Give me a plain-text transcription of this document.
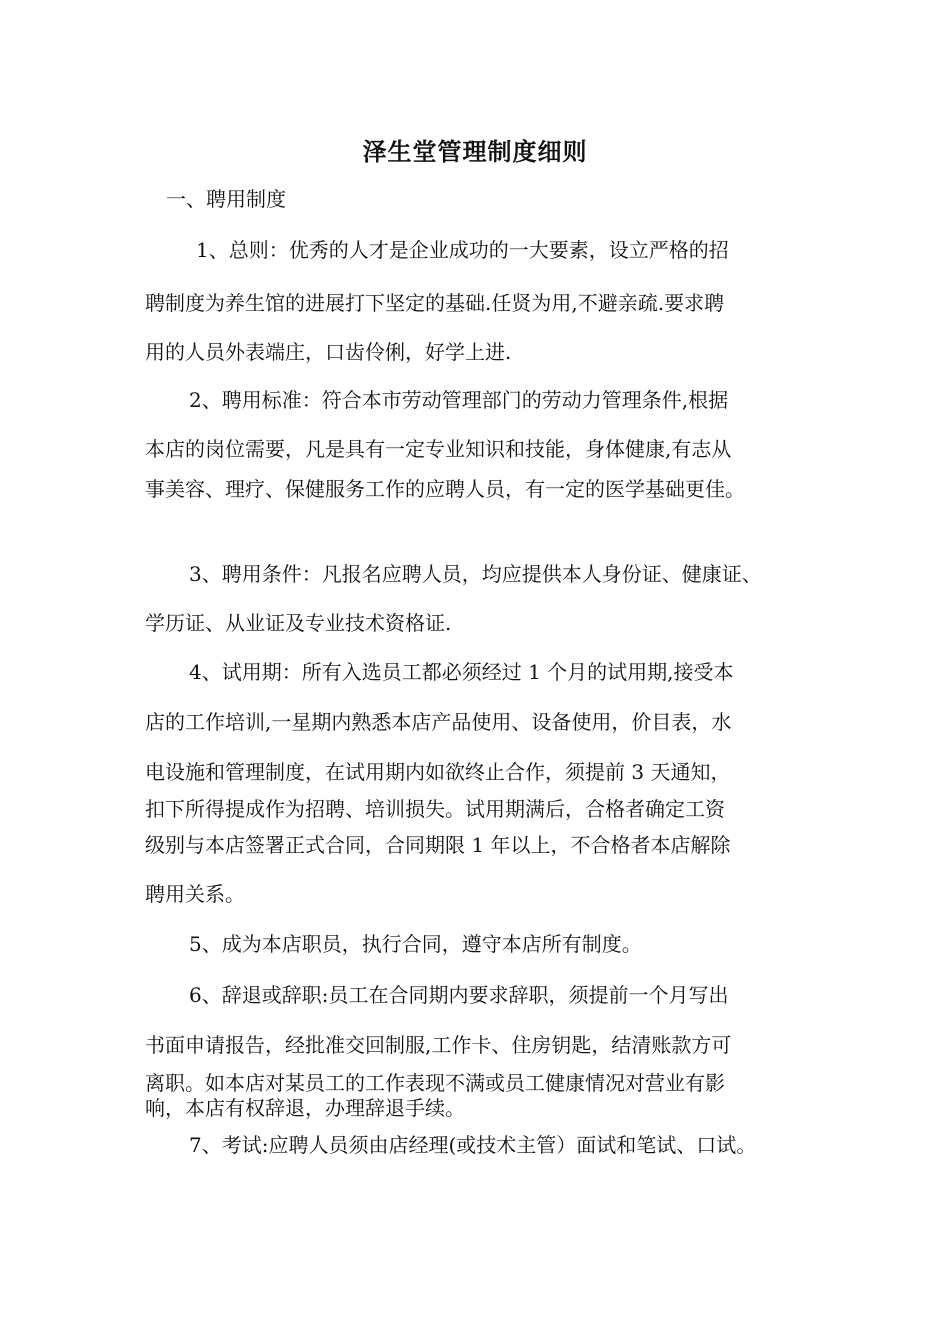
泽生堂管理制度细则
一、聘用制度
1、总则：优秀的人才是企业成功的一大要素，设立严格的招
聘制度为养生馆的进展打下坚定的基础.任贤为用,不避亲疏.要求聘
用的人员外表端庄，口齿伶俐，好学上进.
2、聘用标准：符合本市劳动管理部门的劳动力管理条件,根据
本店的岗位需要，凡是具有一定专业知识和技能，身体健康,有志从
事美容、理疗、保健服务工作的应聘人员，有一定的医学基础更佳。
3、聘用条件：凡报名应聘人员，均应提供本人身份证、健康证、
学历证、从业证及专业技术资格证.
4、试用期：所有入选员工都必须经过 1 个月的试用期,接受本
店的工作培训,一星期内熟悉本店产品使用、设备使用，价目表，水
电设施和管理制度，在试用期内如欲终止合作，须提前 3 天通知，
扣下所得提成作为招聘、培训损失。试用期满后，合格者确定工资
级别与本店签署正式合同，合同期限 1 年以上，不合格者本店解除
聘用关系。
5、成为本店职员，执行合同，遵守本店所有制度。
6、辞退或辞职:员工在合同期内要求辞职，须提前一个月写出
书面申请报告，经批准交回制服,工作卡、住房钥匙，结清账款方可
离职。如本店对某员工的工作表现不满或员工健康情况对营业有影
响，本店有权辞退，办理辞退手续。
7、考试:应聘人员须由店经理(或技术主管）面试和笔试、口试。
